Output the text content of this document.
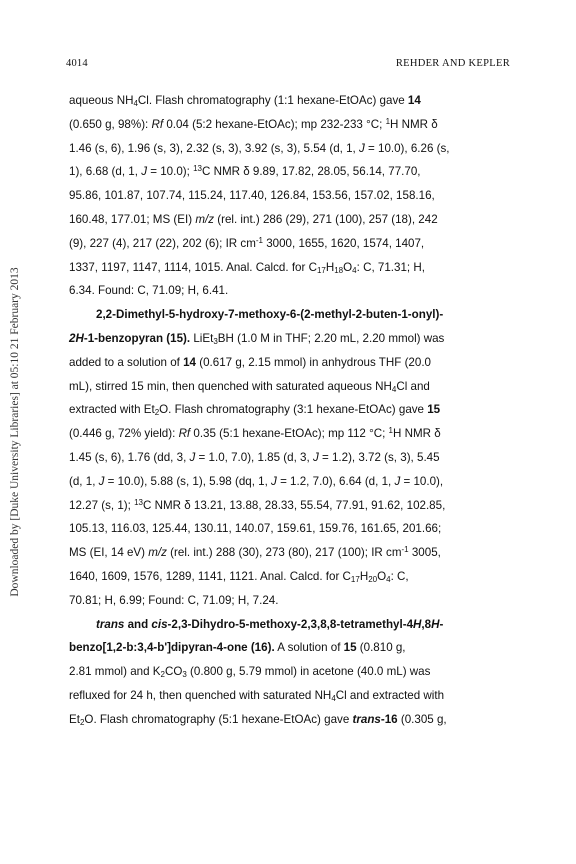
4014	REHDER AND KEPLER
Downloaded by [Duke University Libraries] at 05:10 21 February 2013
aqueous $NH_4Cl$. Flash chromatography (1:1 hexane-EtOAc) gave 14
(0.650 g, 98%): Rf 0.04 (5:2 hexane-EtOAc); mp 232-233 °C; $^1$H NMR δ
1.46 (s, 6), 1.96 (s, 3), 2.32 (s, 3), 3.92 (s, 3), 5.54 (d, 1, J = 10.0), 6.26 (s,
1), 6.68 (d, 1, J = 10.0); $^{13}$C NMR δ 9.89, 17.82, 28.05, 56.14, 77.70,
95.86, 101.87, 107.74, 115.24, 117.40, 126.84, 153.56, 157.02, 158.16,
160.48, 177.01; MS (EI) m/z (rel. int.) 286 (29), 271 (100), 257 (18), 242
(9), 227 (4), 217 (22), 202 (6); IR $cm^{-1}$ 3000, 1655, 1620, 1574, 1407,
1337, 1197, 1147, 1114, 1015. Anal. Calcd. for $C_{17}H_{18}O_4$: C, 71.31; H,
6.34. Found: C, 71.09; H, 6.41.
2,2-Dimethyl-5-hydroxy-7-methoxy-6-(2-methyl-2-buten-1-onyl)-
2H-1-benzopyran (15). LiEt$_3$BH (1.0 M in THF; 2.20 mL, 2.20 mmol) was
added to a solution of 14 (0.617 g, 2.15 mmol) in anhydrous THF (20.0
mL), stirred 15 min, then quenched with saturated aqueous $NH_4Cl$ and
extracted with $Et_2O$. Flash chromatography (3:1 hexane-EtOAc) gave 15
(0.446 g, 72% yield): Rf 0.35 (5:1 hexane-EtOAc); mp 112 °C; $^1$H NMR δ
1.45 (s, 6), 1.76 (dd, 3, J = 1.0, 7.0), 1.85 (d, 3, J = 1.2), 3.72 (s, 3), 5.45
(d, 1, J = 10.0), 5.88 (s, 1), 5.98 (dq, 1, J = 1.2, 7.0), 6.64 (d, 1, J = 10.0),
12.27 (s, 1); $^{13}$C NMR δ 13.21, 13.88, 28.33, 55.54, 77.91, 91.62, 102.85,
105.13, 116.03, 125.44, 130.11, 140.07, 159.61, 159.76, 161.65, 201.66;
MS (EI, 14 eV) m/z (rel. int.) 288 (30), 273 (80), 217 (100); IR $cm^{-1}$ 3005,
1640, 1609, 1576, 1289, 1141, 1121. Anal. Calcd. for $C_{17}H_{20}O_4$: C,
70.81; H, 6.99; Found: C, 71.09; H, 7.24.
trans and cis-2,3-Dihydro-5-methoxy-2,3,8,8-tetramethyl-4H,8H-
benzo[1,2-b:3,4-b']dipyran-4-one (16). A solution of 15 (0.810 g,
2.81 mmol) and $K_2CO_3$ (0.800 g, 5.79 mmol) in acetone (40.0 mL) was
refluxed for 24 h, then quenched with saturated $NH_4Cl$ and extracted with
$Et_2O$. Flash chromatography (5:1 hexane-EtOAc) gave trans-16 (0.305 g,
